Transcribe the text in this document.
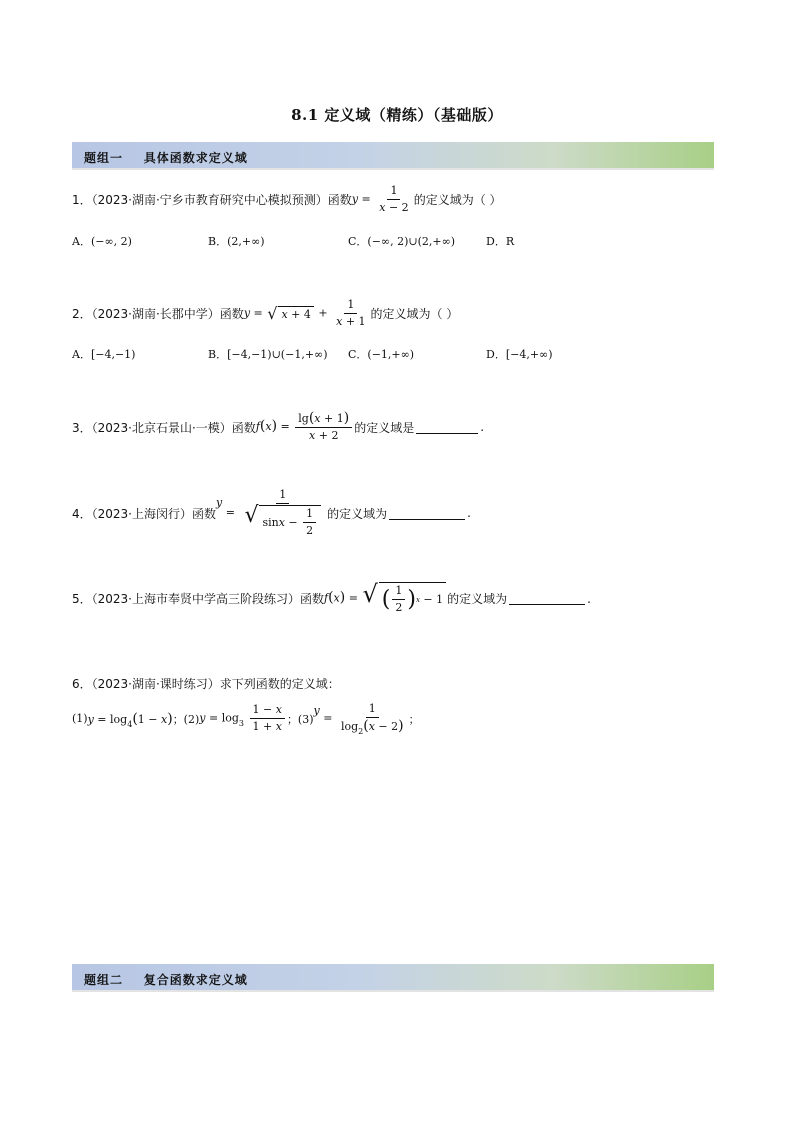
8.1 定义域（精练）（基础版）
题组一    具体函数求定义域
1．（2023·湖南·宁乡市教育研究中心模拟预测）函数 $y = \frac{1}{x - 2}$ 的定义域为（ ）
A．(−∞, 2)	B．(2,+∞)	C．(−∞, 2)∪(2,+∞)	D．R
2．（2023·湖南·长郡中学）函数 y = √ $x + 4 + \frac{1}{x + 1}$ 的定义域为（ ）
A．[−4,−1)	B．[−4,−1)∪(−1,+∞) C．(−1,+∞)	D．[−4,+∞)
3．（2023·北京石景山·一模）函数 $f(x) = \frac{\lg(x + 1)}{x + 2}$ 的定义域是	.
4．（2023·上海闵行）函数
$y = \frac{1}{√ \sin x - \frac{1}{2}}$ 的定义域为	.
5．（2023·上海市奉贤中学高三阶段练习）函数 f(x) = √ ( $\frac{1}{2}$ ) x − 1 的定义域为	.
6．（2023·湖南·课时练习）求下列函数的定义域：
(1) $y = \log_4(1 - x)$ ；(2) $y = \log_3 \frac{1 - x}{1 + x}$ ；(3)
$y = \frac{1}{\log_2(x - 2)}$ ；
题组二    复合函数求定义域
